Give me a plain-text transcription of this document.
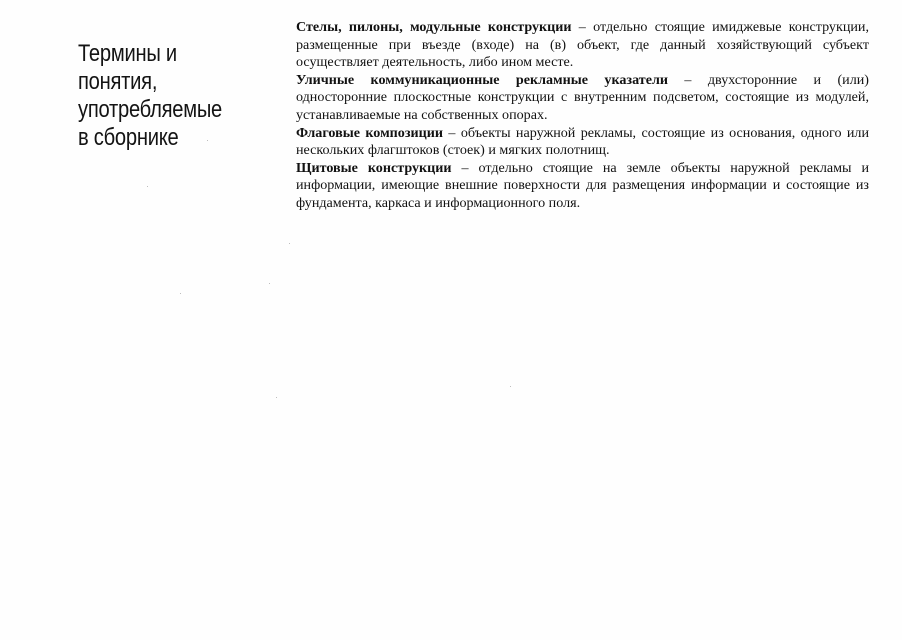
Термины и понятия, употребляемые в сборнике

Стелы, пилоны, модульные конструкции – отдельно стоящие имиджевые конструкции, размещенные при въезде (входе) на (в) объект, где данный хозяйствующий субъект осуществляет деятельность, либо ином месте.

Уличные коммуникационные рекламные указатели – двухсторонние и (или) односторонние плоскостные конструкции с внутренним подсветом, состоящие из модулей, устанавливаемые на собственных опорах.

Флаговые композиции – объекты наружной рекламы, состоящие из основания, одного или нескольких флагштоков (стоек) и мягких полотнищ.

Щитовые конструкции – отдельно стоящие на земле объекты наружной рекламы и информации, имеющие внешние поверхности для размещения информации и состоящие из фундамента, каркаса и информационного поля.
